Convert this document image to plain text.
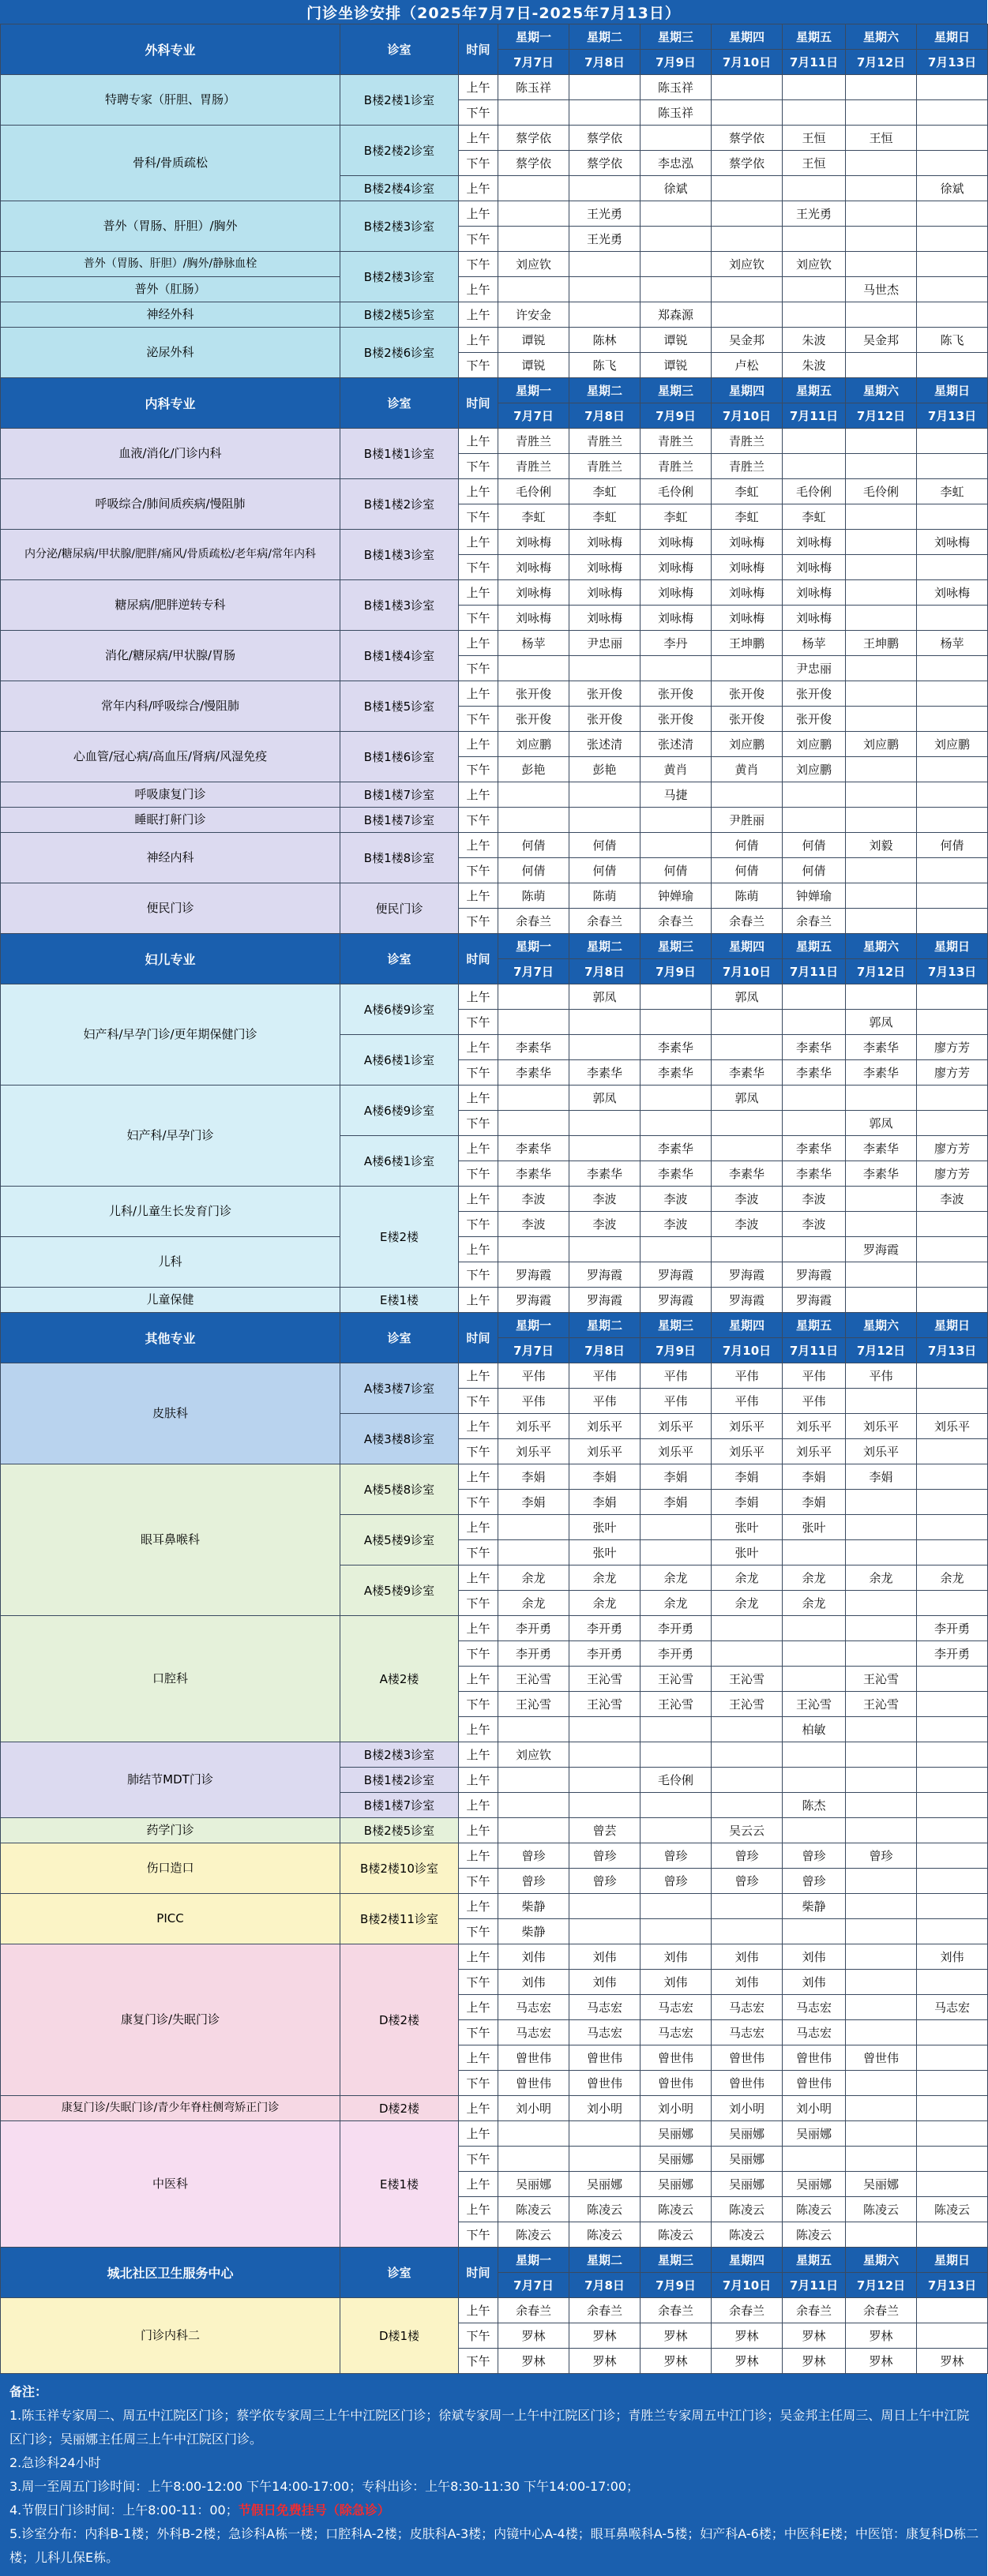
门诊坐诊安排（2025年7月7日-2025年7月13日）
外科专业	诊室	时间	星期一	星期二	星期三	星期四	星期五	星期六	星期日
			7月7日	7月8日	7月9日	7月10日	7月11日	7月12日	7月13日
特聘专家（肝胆、胃肠）	B楼2楼1诊室	上午	陈玉祥		陈玉祥				
		下午			陈玉祥				
骨科/骨质疏松	B楼2楼2诊室	上午	蔡学依	蔡学依		蔡学依	王恒	王恒	
		下午	蔡学依	蔡学依	李忠泓	蔡学依	王恒		
	B楼2楼4诊室	上午			徐斌				徐斌
普外（胃肠、肝胆）/胸外	B楼2楼3诊室	上午		王光勇			王光勇		
		下午		王光勇					
普外（胃肠、肝胆）/胸外/静脉血栓	B楼2楼3诊室	下午	刘应钦			刘应钦	刘应钦		
普外（肛肠）		上午						马世杰	
神经外科	B楼2楼5诊室	上午	许安金		郑森源				
泌尿外科	B楼2楼6诊室	上午	谭锐	陈林	谭锐	吴金邦	朱波	吴金邦	陈飞
		下午	谭锐	陈飞	谭锐	卢松	朱波		
内科专业	诊室	时间	星期一	星期二	星期三	星期四	星期五	星期六	星期日
			7月7日	7月8日	7月9日	7月10日	7月11日	7月12日	7月13日
血液/消化/门诊内科	B楼1楼1诊室	上午	青胜兰	青胜兰	青胜兰	青胜兰			
		下午	青胜兰	青胜兰	青胜兰	青胜兰			
呼吸综合/肺间质疾病/慢阻肺	B楼1楼2诊室	上午	毛伶俐	李虹	毛伶俐	李虹	毛伶俐	毛伶俐	李虹
		下午	李虹	李虹	李虹	李虹	李虹		
内分泌/糖尿病/甲状腺/肥胖/痛风/骨质疏松/老年病/常年内科	B楼1楼3诊室	上午	刘咏梅	刘咏梅	刘咏梅	刘咏梅	刘咏梅		刘咏梅
		下午	刘咏梅	刘咏梅	刘咏梅	刘咏梅	刘咏梅		
糖尿病/肥胖逆转专科	B楼1楼3诊室	上午	刘咏梅	刘咏梅	刘咏梅	刘咏梅	刘咏梅		刘咏梅
		下午	刘咏梅	刘咏梅	刘咏梅	刘咏梅	刘咏梅		
消化/糖尿病/甲状腺/胃肠	B楼1楼4诊室	上午	杨苹	尹忠丽	李丹	王坤鹏	杨苹	王坤鹏	杨苹
		下午					尹忠丽		
常年内科/呼吸综合/慢阻肺	B楼1楼5诊室	上午	张开俊	张开俊	张开俊	张开俊	张开俊		
		下午	张开俊	张开俊	张开俊	张开俊	张开俊		
心血管/冠心病/高血压/肾病/风湿免疫	B楼1楼6诊室	上午	刘应鹏	张述清	张述清	刘应鹏	刘应鹏	刘应鹏	刘应鹏
		下午	彭艳	彭艳	黄肖	黄肖	刘应鹏		
呼吸康复门诊	B楼1楼7诊室	上午			马捷				
睡眠打鼾门诊	B楼1楼7诊室	下午				尹胜丽			
神经内科	B楼1楼8诊室	上午	何倩	何倩		何倩	何倩	刘毅	何倩
		下午	何倩	何倩	何倩	何倩	何倩		
便民门诊	便民门诊	上午	陈萌	陈萌	钟婵瑜	陈萌	钟婵瑜		
		下午	余春兰	余春兰	余春兰	余春兰	余春兰		
妇儿专业	诊室	时间	星期一	星期二	星期三	星期四	星期五	星期六	星期日
			7月7日	7月8日	7月9日	7月10日	7月11日	7月12日	7月13日
妇产科/早孕门诊/更年期保健门诊	A楼6楼9诊室	上午		郭凤		郭凤			
		下午						郭凤	
	A楼6楼1诊室	上午	李素华		李素华		李素华	李素华	廖方芳
		下午	李素华	李素华	李素华	李素华	李素华	李素华	廖方芳
妇产科/早孕门诊	A楼6楼9诊室	上午		郭凤		郭凤			
		下午						郭凤	
	A楼6楼1诊室	上午	李素华		李素华		李素华	李素华	廖方芳
		下午	李素华	李素华	李素华	李素华	李素华	李素华	廖方芳
儿科/儿童生长发育门诊	E楼2楼	上午	李波	李波	李波	李波	李波		李波
		下午	李波	李波	李波	李波	李波		
儿科		上午						罗海霞	
		下午	罗海霞	罗海霞	罗海霞	罗海霞	罗海霞		
儿童保健	E楼1楼	上午	罗海霞	罗海霞	罗海霞	罗海霞	罗海霞		
其他专业	诊室	时间	星期一	星期二	星期三	星期四	星期五	星期六	星期日
			7月7日	7月8日	7月9日	7月10日	7月11日	7月12日	7月13日
皮肤科	A楼3楼7诊室	上午	平伟	平伟	平伟	平伟	平伟	平伟	
		下午	平伟	平伟	平伟	平伟	平伟		
	A楼3楼8诊室	上午	刘乐平	刘乐平	刘乐平	刘乐平	刘乐平	刘乐平	刘乐平
		下午	刘乐平	刘乐平	刘乐平	刘乐平	刘乐平	刘乐平	
眼耳鼻喉科	A楼5楼8诊室	上午	李娟	李娟	李娟	李娟	李娟	李娟	
		下午	李娟	李娟	李娟	李娟	李娟		
	A楼5楼9诊室	上午		张叶		张叶	张叶		
		下午		张叶		张叶			
	A楼5楼9诊室	上午	余龙	余龙	余龙	余龙	余龙	余龙	余龙
		下午	余龙	余龙	余龙	余龙	余龙		
口腔科	A楼2楼	上午	李开勇	李开勇	李开勇				李开勇
		下午	李开勇	李开勇	李开勇				李开勇
		上午	王沁雪	王沁雪	王沁雪	王沁雪		王沁雪	
		下午	王沁雪	王沁雪	王沁雪	王沁雪	王沁雪	王沁雪	
		上午					柏敏		
肺结节MDT门诊	B楼2楼3诊室	上午	刘应钦						
	B楼1楼2诊室	上午			毛伶俐				
	B楼1楼7诊室	上午					陈杰		
药学门诊	B楼2楼5诊室	上午		曾芸		吴云云			
伤口造口	B楼2楼10诊室	上午	曾珍	曾珍	曾珍	曾珍	曾珍	曾珍	
		下午	曾珍	曾珍	曾珍	曾珍	曾珍		
PICC	B楼2楼11诊室	上午	柴静				柴静		
		下午	柴静						
康复门诊/失眠门诊	D楼2楼	上午	刘伟	刘伟	刘伟	刘伟	刘伟		刘伟
		下午	刘伟	刘伟	刘伟	刘伟	刘伟		
		上午	马志宏	马志宏	马志宏	马志宏	马志宏		马志宏
		下午	马志宏	马志宏	马志宏	马志宏	马志宏		
		上午	曾世伟	曾世伟	曾世伟	曾世伟	曾世伟	曾世伟	
		下午	曾世伟	曾世伟	曾世伟	曾世伟	曾世伟		
康复门诊/失眠门诊/青少年脊柱侧弯矫正门诊	D楼2楼	上午	刘小明	刘小明	刘小明	刘小明	刘小明		
中医科	E楼1楼	上午			吴丽娜	吴丽娜	吴丽娜		
		下午			吴丽娜	吴丽娜			
		上午	吴丽娜	吴丽娜	吴丽娜	吴丽娜	吴丽娜	吴丽娜	
		上午	陈凌云	陈凌云	陈凌云	陈凌云	陈凌云	陈凌云	陈凌云
		下午	陈凌云	陈凌云	陈凌云	陈凌云	陈凌云		
城北社区卫生服务中心	诊室	时间	星期一	星期二	星期三	星期四	星期五	星期六	星期日
			7月7日	7月8日	7月9日	7月10日	7月11日	7月12日	7月13日
门诊内科二	D楼1楼	上午	余春兰	余春兰	余春兰	余春兰	余春兰	余春兰	
		下午	罗林	罗林	罗林	罗林	罗林	罗林	
		下午	罗林	罗林	罗林	罗林	罗林	罗林	罗林
备注：
1.陈玉祥专家周二、周五中江院区门诊；蔡学依专家周三上午中江院区门诊；徐斌专家周一上午中江院区门诊；青胜兰专家周五中江门诊；吴金邦主任周三、周日上午中江院区门诊；吴丽娜主任周三上午中江院区门诊。
2.急诊科24小时
3.周一至周五门诊时间：上午8:00-12:00 下午14:00-17:00；专科出诊：上午8:30-11:30 下午14:00-17:00；
4.节假日门诊时间：上午8:00-11：00；节假日免费挂号（除急诊）
5.诊室分布：内科B-1楼；外科B-2楼；急诊科A栋一楼；口腔科A-2楼；皮肤科A-3楼；内镜中心A-4楼；眼耳鼻喉科A-5楼；妇产科A-6楼；中医科E楼；中医馆：康复科D栋二楼；儿科儿保E栋。
